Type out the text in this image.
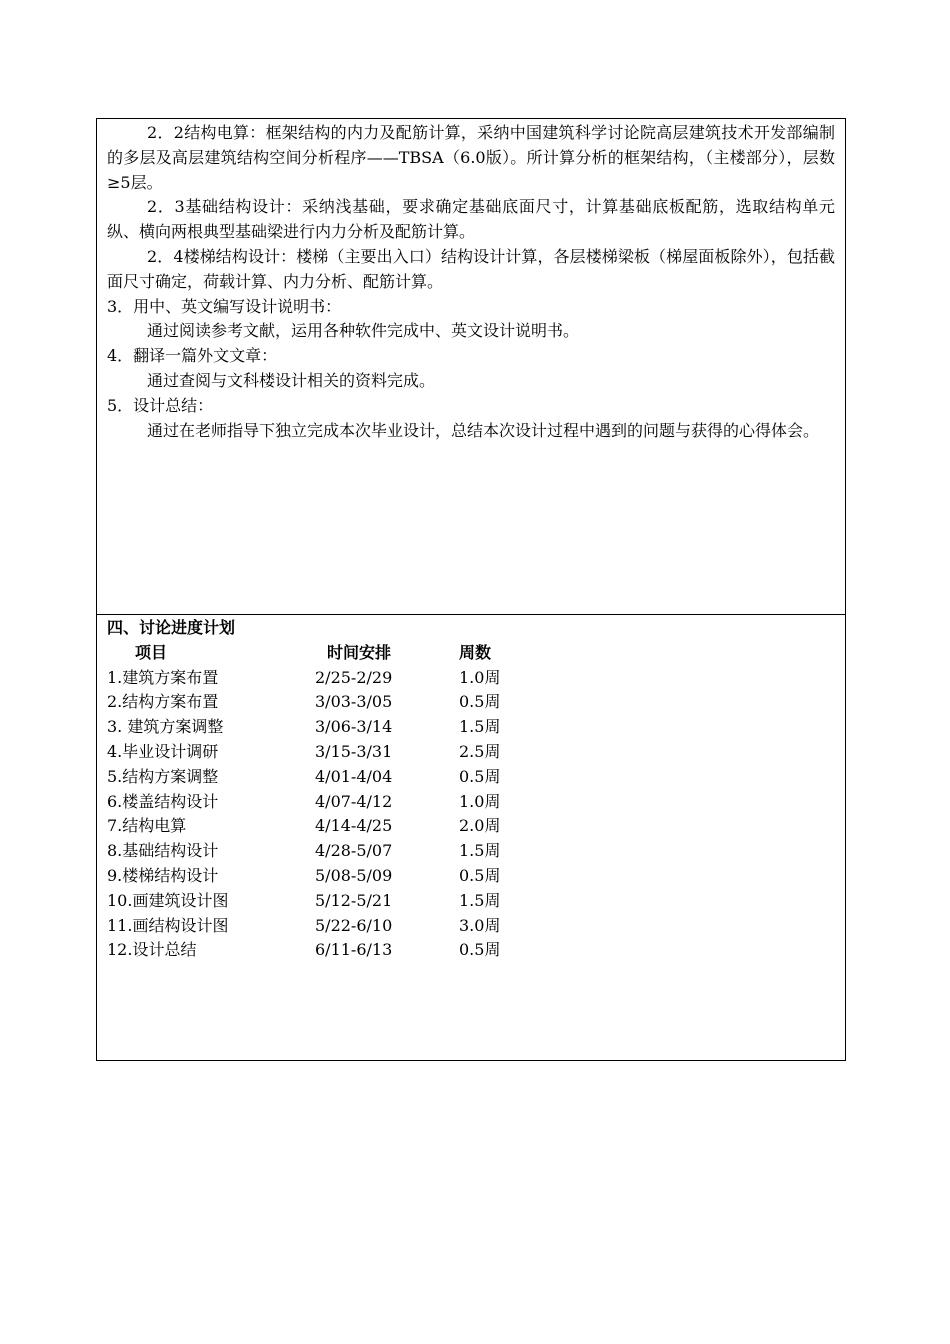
2．2结构电算：框架结构的内力及配筋计算，采纳中国建筑科学讨论院高层建筑技术开发部编制的多层及高层建筑结构空间分析程序——TBSA（6.0版）。所计算分析的框架结构，（主楼部分），层数≥5层。

2．3基础结构设计：采纳浅基础，要求确定基础底面尺寸，计算基础底板配筋，选取结构单元纵、横向两根典型基础梁进行内力分析及配筋计算。

2．4楼梯结构设计：楼梯（主要出入口）结构设计计算，各层楼梯梁板（梯屋面板除外），包括截面尺寸确定，荷载计算、内力分析、配筋计算。

3．用中、英文编写设计说明书：

通过阅读参考文献，运用各种软件完成中、英文设计说明书。

4．翻译一篇外文文章：

通过查阅与文科楼设计相关的资料完成。

5．设计总结：

通过在老师指导下独立完成本次毕业设计，总结本次设计过程中遇到的问题与获得的心得体会。

四、讨论进度计划

项目	时间安排	周数
1.建筑方案布置	2/25-2/29	1.0周
2.结构方案布置	3/03-3/05	0.5周
3. 建筑方案调整	3/06-3/14	1.5周
4.毕业设计调研	3/15-3/31	2.5周
5.结构方案调整	4/01-4/04	0.5周
6.楼盖结构设计	4/07-4/12	1.0周
7.结构电算	4/14-4/25	2.0周
8.基础结构设计	4/28-5/07	1.5周
9.楼梯结构设计	5/08-5/09	0.5周
10.画建筑设计图	5/12-5/21	1.5周
11.画结构设计图	5/22-6/10	3.0周
12.设计总结	6/11-6/13	0.5周
